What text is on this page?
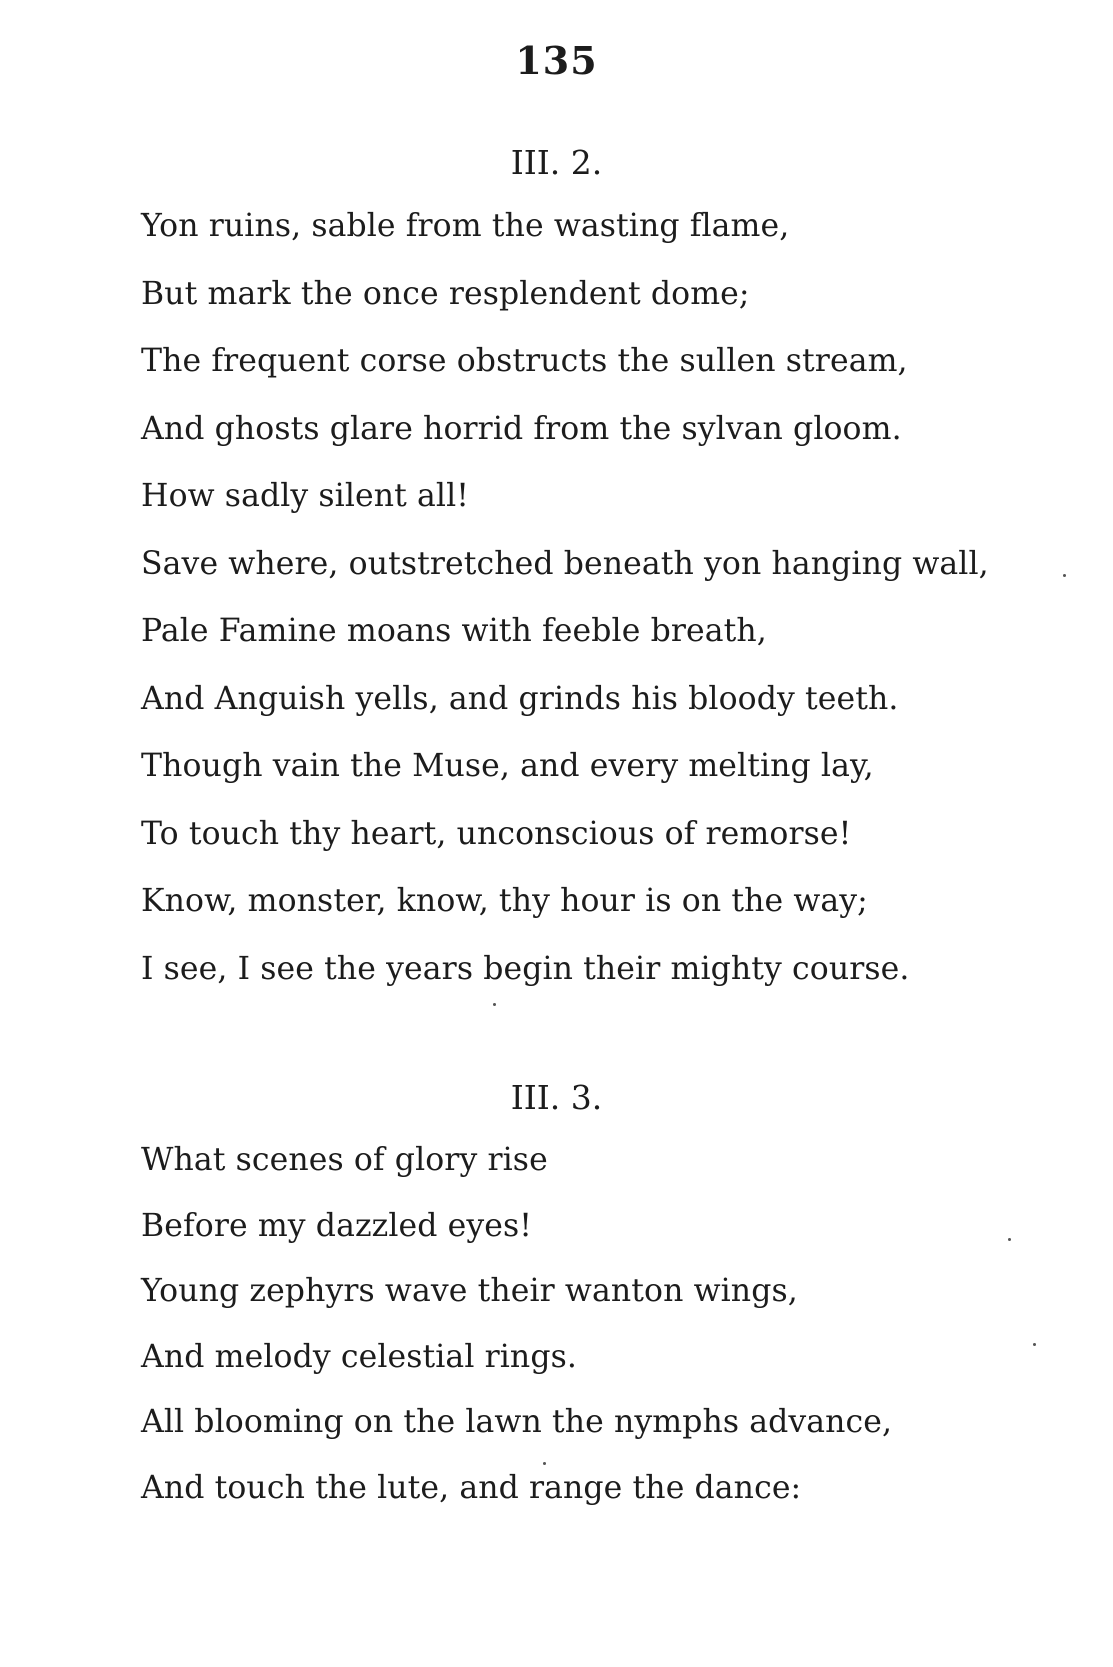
135
III. 2.
Yon ruins, sable from the wasting flame,
But mark the once resplendent dome;
The frequent corse obstructs the sullen stream,
And ghosts glare horrid from the sylvan gloom.
How sadly silent all!
Save where, outstretched beneath yon hanging wall,
Pale Famine moans with feeble breath,
And Anguish yells, and grinds his bloody teeth.
Though vain the Muse, and every melting lay,
To touch thy heart, unconscious of remorse!
Know, monster, know, thy hour is on the way;
I see, I see the years begin their mighty course.
III. 3.
What scenes of glory rise
Before my dazzled eyes!
Young zephyrs wave their wanton wings,
And melody celestial rings.
All blooming on the lawn the nymphs advance,
And touch the lute, and range the dance:
